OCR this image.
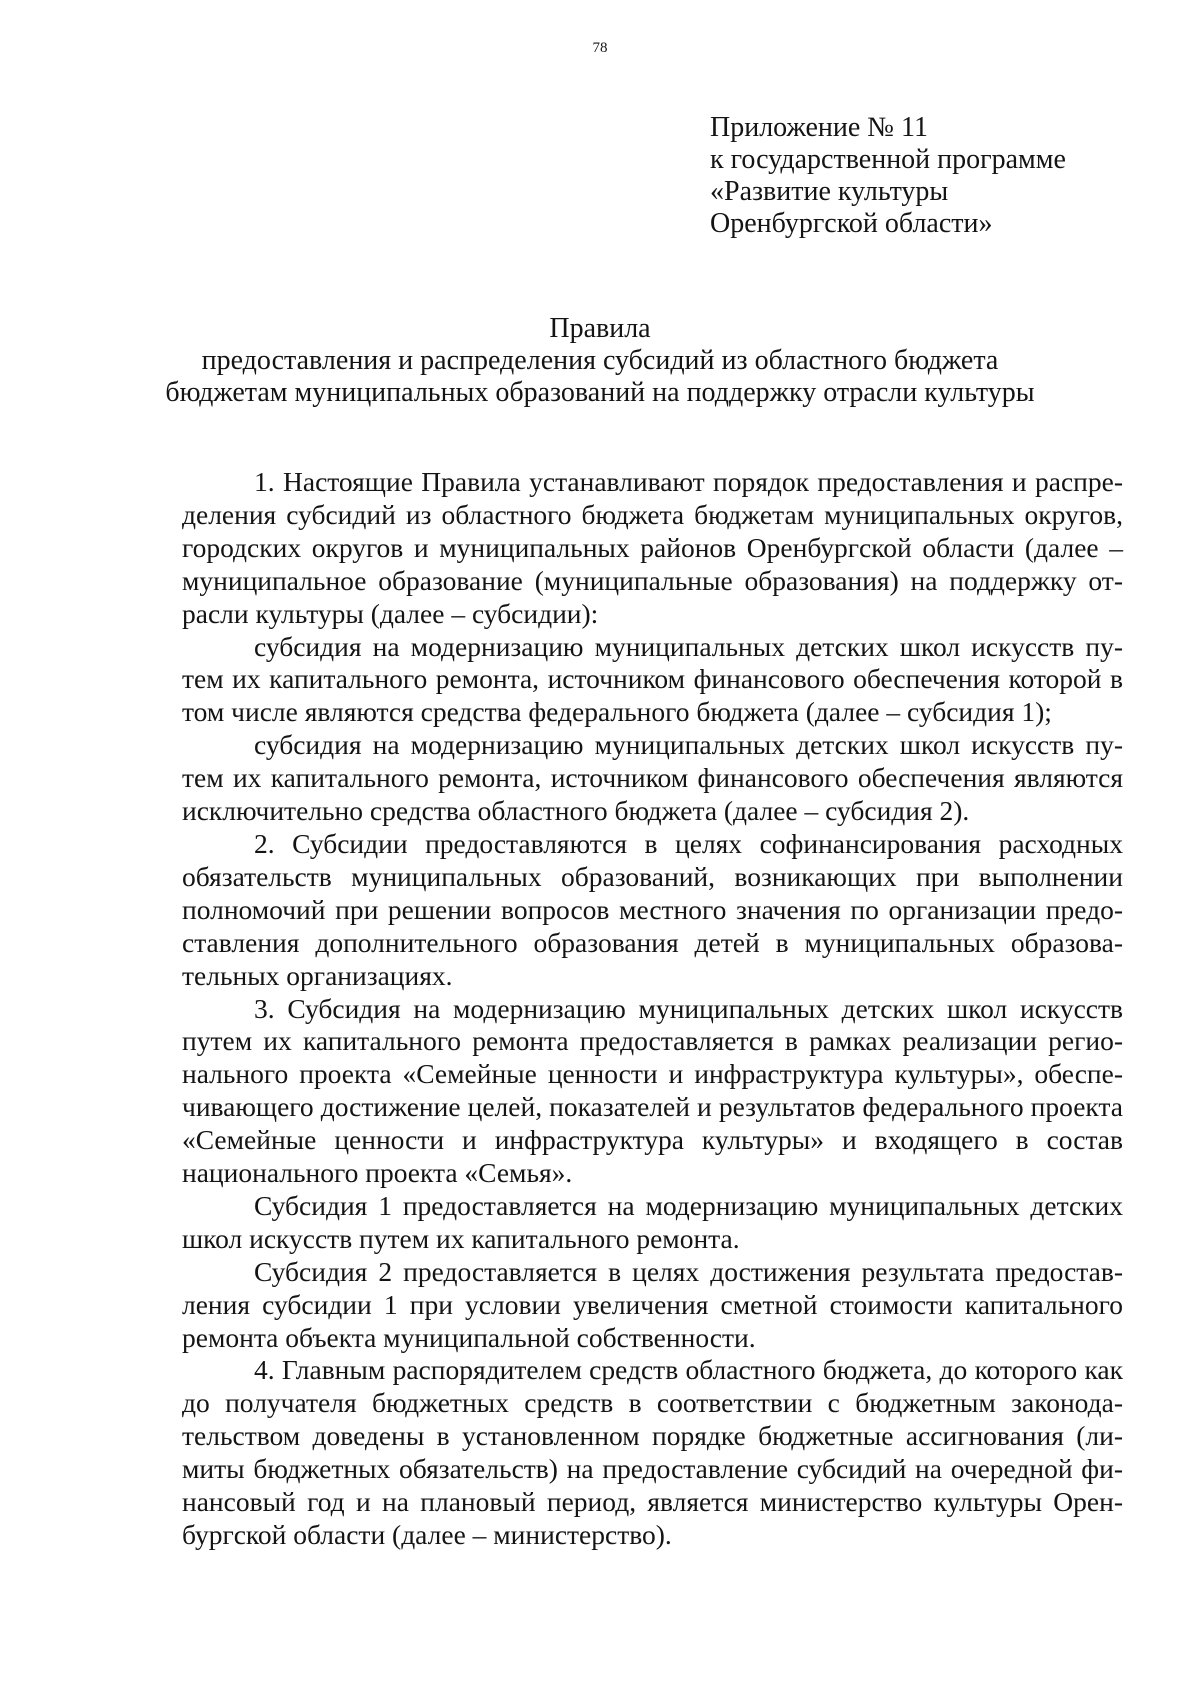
78
Приложение № 11
к государственной программе
«Развитие культуры
Оренбургской области»
Правила
предоставления и распределения субсидий из областного бюджета
бюджетам муниципальных образований на поддержку отрасли культуры

1. Настоящие Правила устанавливают порядок предоставления и распределения субсидий из областного бюджета бюджетам муниципальных округов, городских округов и муниципальных районов Оренбургской области (далее – муниципальное образование (муниципальные образования) на поддержку отрасли культуры (далее – субсидии):

субсидия на модернизацию муниципальных детских школ искусств путем их капитального ремонта, источником финансового обеспечения которой в том числе являются средства федерального бюджета (далее – субсидия 1);

субсидия на модернизацию муниципальных детских школ искусств путем их капитального ремонта, источником финансового обеспечения являются исключительно средства областного бюджета (далее – субсидия 2).

2. Субсидии предоставляются в целях софинансирования расходных обязательств муниципальных образований, возникающих при выполнении полномочий при решении вопросов местного значения по организации предоставления дополнительного образования детей в муниципальных образовательных организациях.

3. Субсидия на модернизацию муниципальных детских школ искусств путем их капитального ремонта предоставляется в рамках реализации регионального проекта «Семейные ценности и инфраструктура культуры», обеспечивающего достижение целей, показателей и результатов федерального проекта «Семейные ценности и инфраструктура культуры» и входящего в состав национального проекта «Семья».

Субсидия 1 предоставляется на модернизацию муниципальных детских школ искусств путем их капитального ремонта.

Субсидия 2 предоставляется в целях достижения результата предоставления субсидии 1 при условии увеличения сметной стоимости капитального ремонта объекта муниципальной собственности.

4. Главным распорядителем средств областного бюджета, до которого как до получателя бюджетных средств в соответствии с бюджетным законодательством доведены в установленном порядке бюджетные ассигнования (лимиты бюджетных обязательств) на предоставление субсидий на очередной финансовый год и на плановый период, является министерство культуры Оренбургской области (далее – министерство).
